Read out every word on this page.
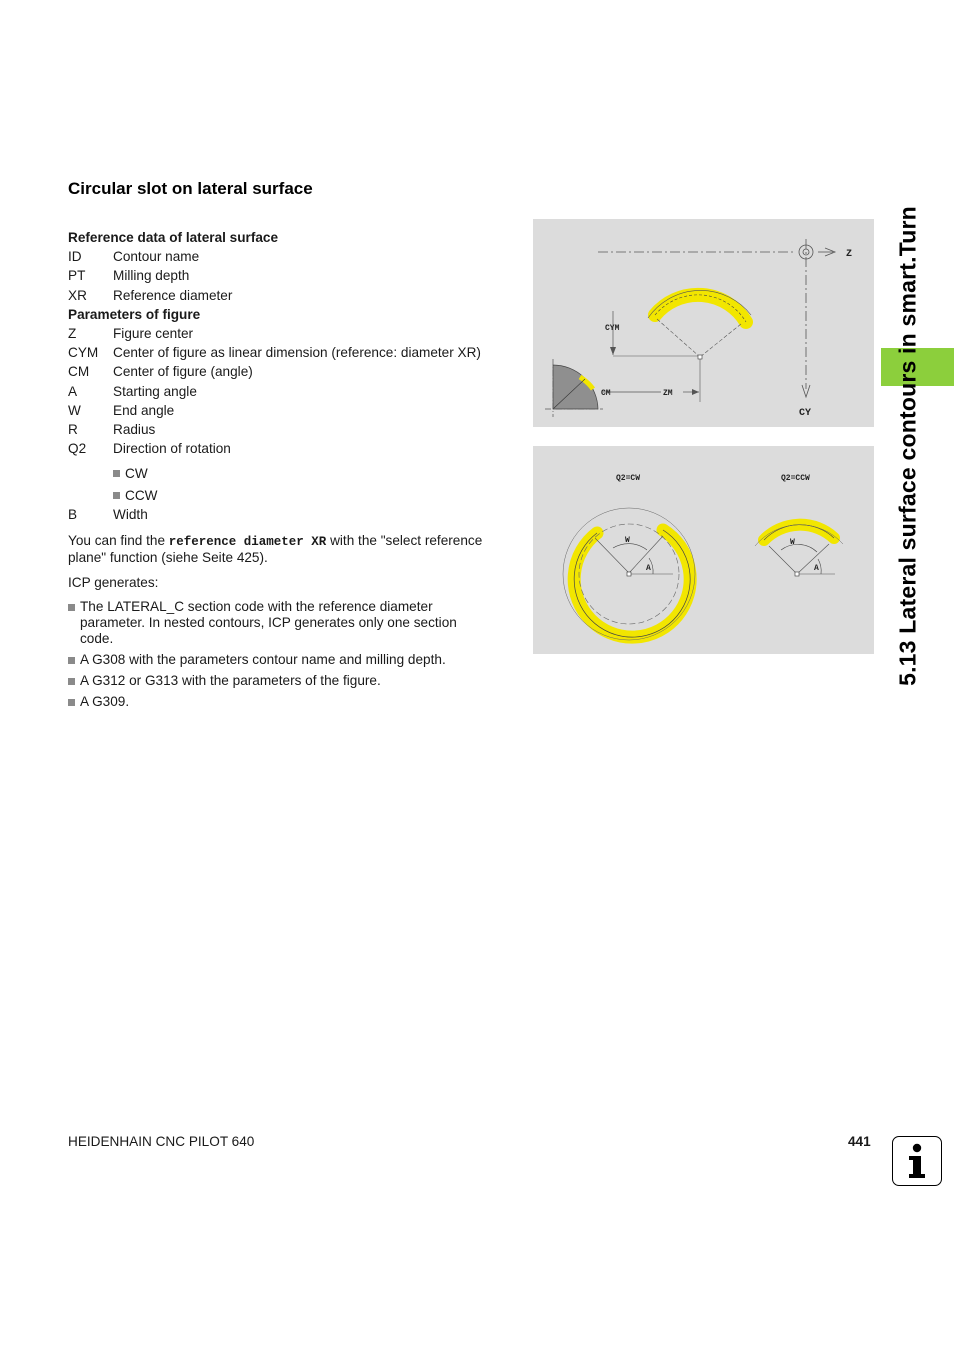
Circular slot on lateral surface
Reference data of lateral surface
ID	Contour name
PT	Milling depth
XR	Reference diameter
Parameters of figure
Z	Figure center
CYM	Center of figure as linear dimension (reference: diameter XR)
CM	Center of figure (angle)
A	Starting angle
W	End angle
R	Radius
Q2	Direction of rotation
CW
CCW
B	Width
You can find the reference diameter XR with the "select reference
plane" function (siehe Seite 425).
ICP generates:
The LATERAL_C section code with the reference diameter
parameter. In nested contours, ICP generates only one section
code.
A G308 with the parameters contour name and milling depth.
A G312 or G313 with the parameters of the figure.
A G309.
Z
CY
CYM
ZM
CM
Q2=CW	Q2=CCW
W
A
W
A	5.13 Lateral surface contours in smart.Turn
HEIDENHAIN CNC PILOT 640	441
